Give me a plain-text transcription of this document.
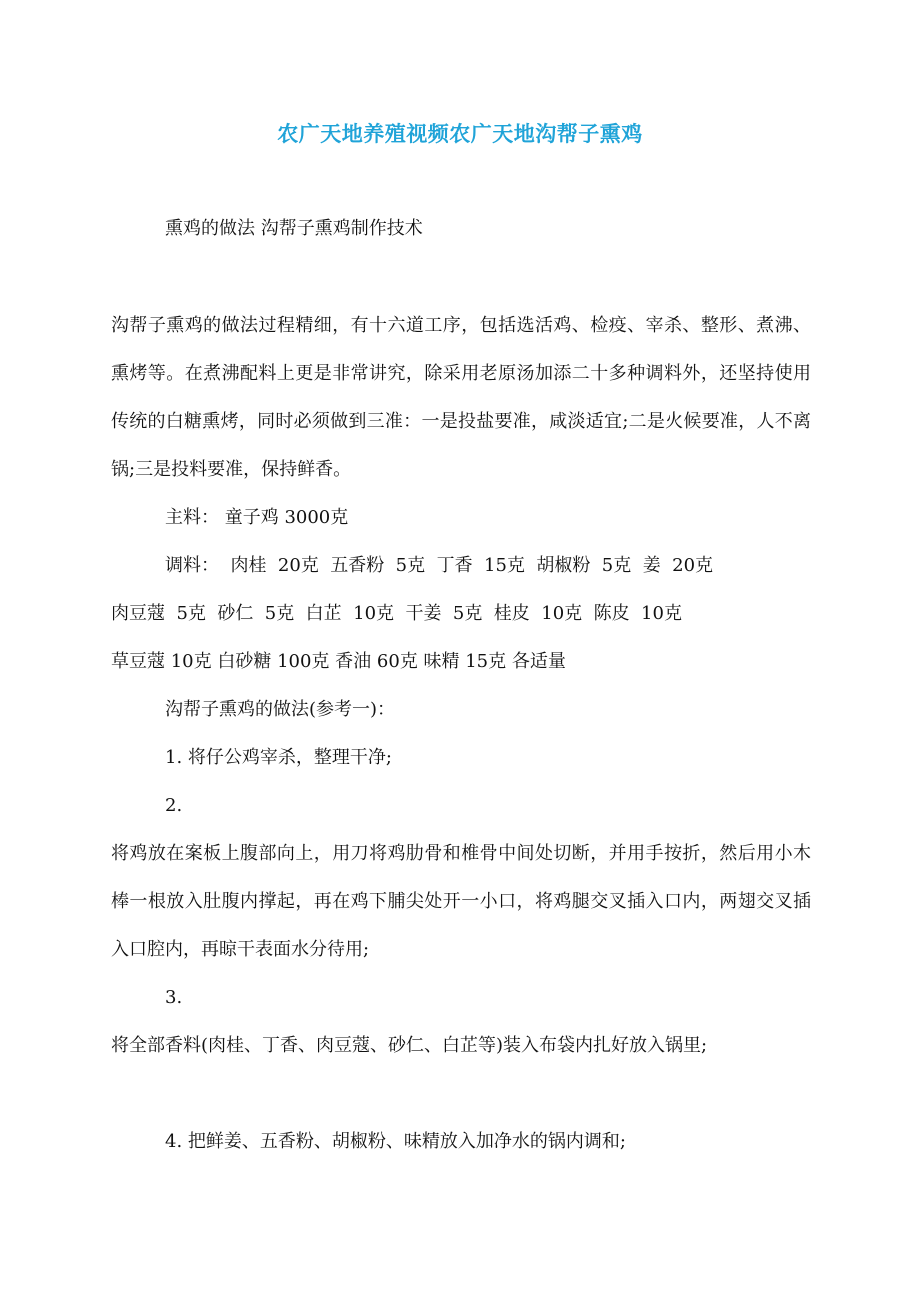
农广天地养殖视频农广天地沟帮子熏鸡

熏鸡的做法 沟帮子熏鸡制作技术

沟帮子熏鸡的做法过程精细，有十六道工序，包括选活鸡、检疫、宰杀、整形、煮沸、熏烤等。在煮沸配料上更是非常讲究，除采用老原汤加添二十多种调料外，还坚持使用传统的白糖熏烤，同时必须做到三准：一是投盐要准，咸淡适宜;二是火候要准，人不离锅;三是投料要准，保持鲜香。

主料： 童子鸡 3000克

调料：  肉桂  20克  五香粉  5克  丁香  15克  胡椒粉  5克  姜  20克
肉豆蔻  5克  砂仁  5克  白芷  10克  干姜  5克  桂皮  10克  陈皮  10克
草豆蔻 10克 白砂糖 100克 香油 60克 味精 15克 各适量

沟帮子熏鸡的做法(参考一)：

1. 将仔公鸡宰杀，整理干净;

2.

将鸡放在案板上腹部向上，用刀将鸡肋骨和椎骨中间处切断，并用手按折，然后用小木棒一根放入肚腹内撑起，再在鸡下脯尖处开一小口，将鸡腿交叉插入口内，两翅交叉插入口腔内，再晾干表面水分待用;

3.

将全部香料(肉桂、丁香、肉豆蔻、砂仁、白芷等)装入布袋内扎好放入锅里;

4. 把鲜姜、五香粉、胡椒粉、味精放入加净水的锅内调和;
